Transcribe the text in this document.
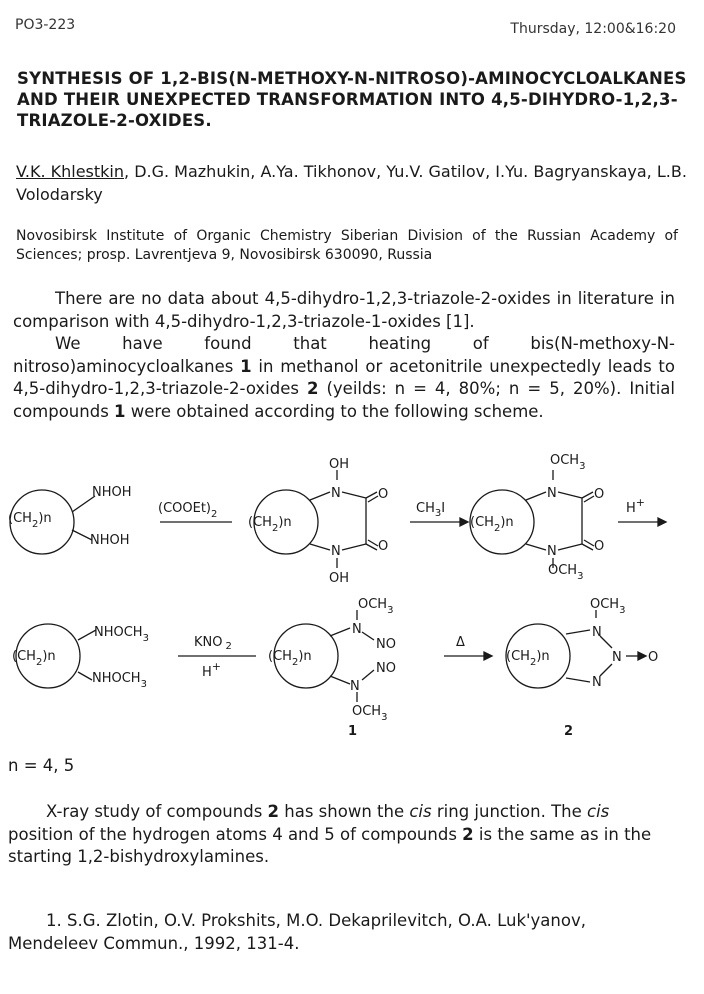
PO3-223	Thursday, 12:00&16:20
SYNTHESIS OF 1,2-BIS(N-METHOXY-N-NITROSO)-AMINOCYCLOALKANES AND THEIR UNEXPECTED TRANSFORMATION INTO 4,5-DIHYDRO-1,2,3-TRIAZOLE-2-OXIDES.
V.K. Khlestkin, D.G. Mazhukin, A.Ya. Tikhonov, Yu.V. Gatilov, I.Yu. Bagryanskaya, L.B. Volodarsky
Novosibirsk Institute of Organic Chemistry Siberian Division of the Russian Academy of Sciences; prosp. Lavrentjeva 9, Novosibirsk 630090, Russia
There are no data about 4,5-dihydro-1,2,3-triazole-2-oxides in literature in comparison with 4,5-dihydro-1,2,3-triazole-1-oxides [1].
We have found that heating of bis(N-methoxy-N-nitroso)aminocycloalkanes 1 in methanol or acetonitrile unexpectedly leads to 4,5-dihydro-1,2,3-triazole-2-oxides 2 (yeilds: n = 4, 80%; n = 5, 20%). Initial compounds 1 were obtained according to the following scheme.
$(CH_2)n$
NHOH
NHOH
$(COOEt)_2$
$(CH_2)n$
OH
N
N
OH
O
O
$CH_3I$
$(CH_2)n$
$OCH_3$
N
N
$OCH_3$
O
O
H+
$(CH_2)n$
$NHOCH_3$
$NHOCH_3$
KNO $_2$
H+
$(CH_2)n$
$OCH_3$
N
NO
NO
N
$OCH_3$
1
Δ
$(CH_2)n$
$OCH_3$
N
N
N
O
2
n = 4, 5
X-ray study of compounds 2 has shown the cis ring junction. The cis position of the hydrogen atoms 4 and 5 of compounds 2 is the same as in the starting 1,2-bishydroxylamines.
1. S.G. Zlotin, O.V. Prokshits, M.O. Dekaprilevitch, O.A. Luk'yanov, Mendeleev Commun., 1992, 131-4.
